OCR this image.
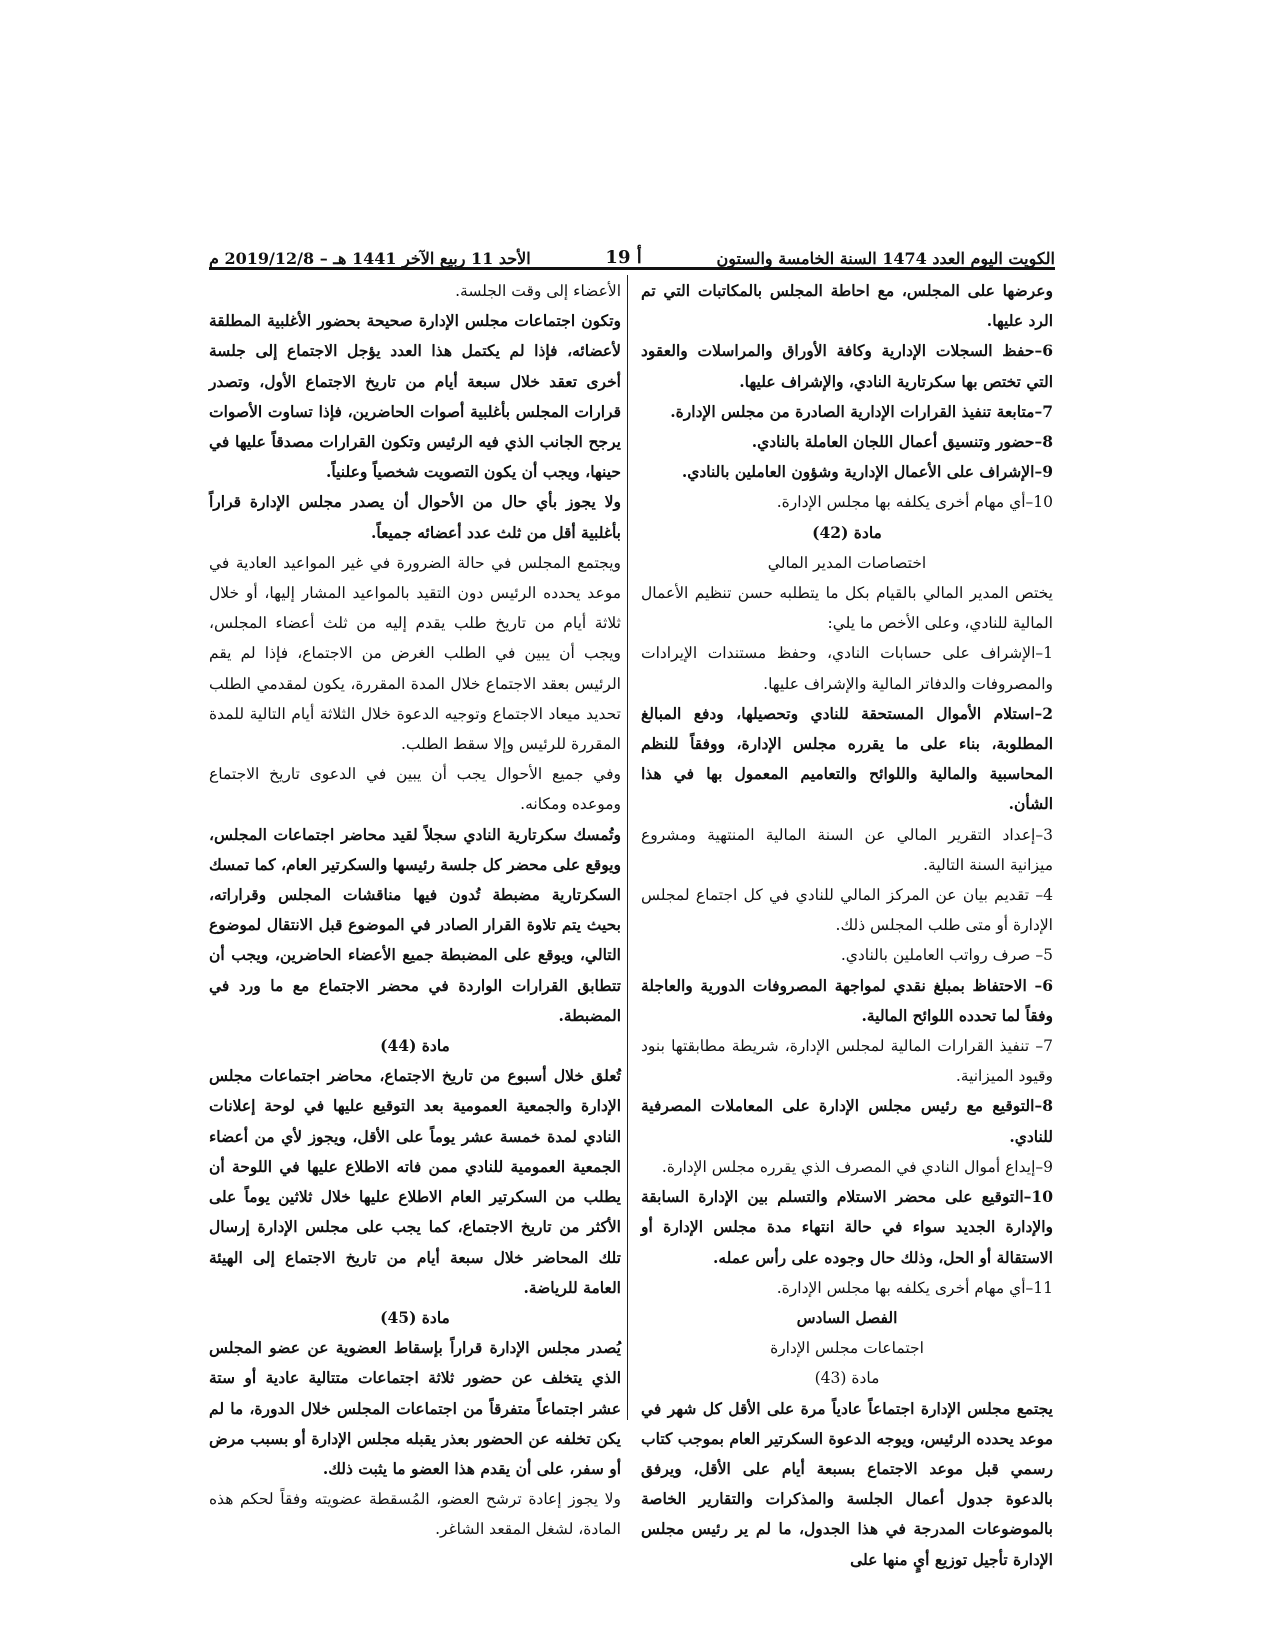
الكويت اليوم العدد 1474 السنة الخامسة والستون
أ 19
الأحد 11 ربيع الآخر 1441 هـ – 2019/12/8 م

وعرضها على المجلس، مع احاطة المجلس بالمكاتبات التي تم الرد عليها.

6–حفظ السجلات الإدارية وكافة الأوراق والمراسلات والعقود التي تختص بها سكرتارية النادي، والإشراف عليها.

7–متابعة تنفيذ القرارات الإدارية الصادرة من مجلس الإدارة.

8–حضور وتنسيق أعمال اللجان العاملة بالنادي.

9–الإشراف على الأعمال الإدارية وشؤون العاملين بالنادي.

10–أي مهام أخرى يكلفه بها مجلس الإدارة.

مادة (42)

اختصاصات المدير المالي

يختص المدير المالي بالقيام بكل ما يتطلبه حسن تنظيم الأعمال المالية للنادي، وعلى الأخص ما يلي:

1–الإشراف على حسابات النادي، وحفظ مستندات الإيرادات والمصروفات والدفاتر المالية والإشراف عليها.

2–استلام الأموال المستحقة للنادي وتحصيلها، ودفع المبالغ المطلوبة، بناء على ما يقرره مجلس الإدارة، ووفقاً للنظم المحاسبية والمالية واللوائح والتعاميم المعمول بها في هذا الشأن.

3–إعداد التقرير المالي عن السنة المالية المنتهية ومشروع ميزانية السنة التالية.

4– تقديم بيان عن المركز المالي للنادي في كل اجتماع لمجلس الإدارة أو متى طلب المجلس ذلك.

5– صرف رواتب العاملين بالنادي.

6– الاحتفاظ بمبلغ نقدي لمواجهة المصروفات الدورية والعاجلة وفقاً لما تحدده اللوائح المالية.

7– تنفيذ القرارات المالية لمجلس الإدارة، شريطة مطابقتها بنود وقيود الميزانية.

8–التوقيع مع رئيس مجلس الإدارة على المعاملات المصرفية للنادي.

9–إيداع أموال النادي في المصرف الذي يقرره مجلس الإدارة.

10–التوقيع على محضر الاستلام والتسلم بين الإدارة السابقة والإدارة الجديد سواء في حالة انتهاء مدة مجلس الإدارة أو الاستقالة أو الحل، وذلك حال وجوده على رأس عمله.

11–أي مهام أخرى يكلفه بها مجلس الإدارة.

الفصل السادس

اجتماعات مجلس الإدارة

مادة (43)

يجتمع مجلس الإدارة اجتماعاً عادياً مرة على الأقل كل شهر في موعد يحدده الرئيس، ويوجه الدعوة السكرتير العام بموجب كتاب رسمي قبل موعد الاجتماع بسبعة أيام على الأقل، ويرفق بالدعوة جدول أعمال الجلسة والمذكرات والتقارير الخاصة بالموضوعات المدرجة في هذا الجدول، ما لم ير رئيس مجلس الإدارة تأجيل توزيع أيٍ منها على

الأعضاء إلى وقت الجلسة.

وتكون اجتماعات مجلس الإدارة صحيحة بحضور الأغلبية المطلقة لأعضائه، فإذا لم يكتمل هذا العدد يؤجل الاجتماع إلى جلسة أخرى تعقد خلال سبعة أيام من تاريخ الاجتماع الأول، وتصدر قرارات المجلس بأغلبية أصوات الحاضرين، فإذا تساوت الأصوات يرجح الجانب الذي فيه الرئيس وتكون القرارات مصدقاً عليها في حينها، ويجب أن يكون التصويت شخصياً وعلنياً.

ولا يجوز بأي حال من الأحوال أن يصدر مجلس الإدارة قراراً بأغلبية أقل من ثلث عدد أعضائه جميعاً.

ويجتمع المجلس في حالة الضرورة في غير المواعيد العادية في موعد يحدده الرئيس دون التقيد بالمواعيد المشار إليها، أو خلال ثلاثة أيام من تاريخ طلب يقدم إليه من ثلث أعضاء المجلس، ويجب أن يبين في الطلب الغرض من الاجتماع، فإذا لم يقم الرئيس بعقد الاجتماع خلال المدة المقررة، يكون لمقدمي الطلب تحديد ميعاد الاجتماع وتوجيه الدعوة خلال الثلاثة أيام التالية للمدة المقررة للرئيس وإلا سقط الطلب.

وفي جميع الأحوال يجب أن يبين في الدعوى تاريخ الاجتماع وموعده ومكانه.

وتُمسك سكرتارية النادي سجلاً لقيد محاضر اجتماعات المجلس، ويوقع على محضر كل جلسة رئيسها والسكرتير العام، كما تمسك السكرتارية مضبطة تُدون فيها مناقشات المجلس وقراراته، بحيث يتم تلاوة القرار الصادر في الموضوع قبل الانتقال لموضوع التالي، ويوقع على المضبطة جميع الأعضاء الحاضرين، ويجب أن تتطابق القرارات الواردة في محضر الاجتماع مع ما ورد في المضبطة.

مادة (44)

تُعلق خلال أسبوع من تاريخ الاجتماع، محاضر اجتماعات مجلس الإدارة والجمعية العمومية بعد التوقيع عليها في لوحة إعلانات النادي لمدة خمسة عشر يوماً على الأقل، ويجوز لأي من أعضاء الجمعية العمومية للنادي ممن فاته الاطلاع عليها في اللوحة أن يطلب من السكرتير العام الاطلاع عليها خلال ثلاثين يوماً على الأكثر من تاريخ الاجتماع، كما يجب على مجلس الإدارة إرسال تلك المحاضر خلال سبعة أيام من تاريخ الاجتماع إلى الهيئة العامة للرياضة.

مادة (45)

يُصدر مجلس الإدارة قراراً بإسقاط العضوية عن عضو المجلس الذي يتخلف عن حضور ثلاثة اجتماعات متتالية عادية أو ستة عشر اجتماعاً متفرقاً من اجتماعات المجلس خلال الدورة، ما لم يكن تخلفه عن الحضور بعذر يقبله مجلس الإدارة أو بسبب مرض أو سفر، على أن يقدم هذا العضو ما يثبت ذلك.

ولا يجوز إعادة ترشح العضو، المُسقطة عضويته وفقاً لحكم هذه المادة، لشغل المقعد الشاغر.
